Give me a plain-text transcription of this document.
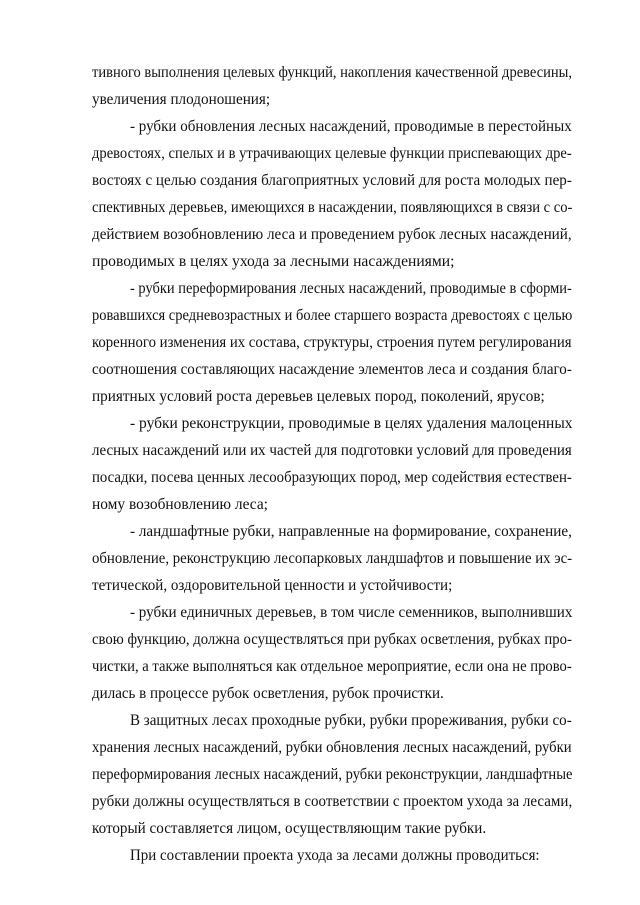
тивного выполнения целевых функций, накопления качественной древесины,
увеличения плодоношения;
- рубки обновления лесных насаждений, проводимые в перестойных
древостоях, спелых и в утрачивающих целевые функции приспевающих дре-
востоях с целью создания благоприятных условий для роста молодых пер-
спективных деревьев, имеющихся в насаждении, появляющихся в связи с со-
действием возобновлению леса и проведением рубок лесных насаждений,
проводимых в целях ухода за лесными насаждениями;
- рубки переформирования лесных насаждений, проводимые в сформи-
ровавшихся средневозрастных и более старшего возраста древостоях с целью
коренного изменения их состава, структуры, строения путем регулирования
соотношения составляющих насаждение элементов леса и создания благо-
приятных условий роста деревьев целевых пород, поколений, ярусов;
- рубки реконструкции, проводимые в целях удаления малоценных
лесных насаждений или их частей для подготовки условий для проведения
посадки, посева ценных лесообразующих пород, мер содействия естествен-
ному возобновлению леса;
- ландшафтные рубки, направленные на формирование, сохранение,
обновление, реконструкцию лесопарковых ландшафтов и повышение их эс-
тетической, оздоровительной ценности и устойчивости;
- рубки единичных деревьев, в том числе семенников, выполнивших
свою функцию, должна осуществляться при рубках осветления, рубках про-
чистки, а также выполняться как отдельное мероприятие, если она не прово-
дилась в процессе рубок осветления, рубок прочистки.
В защитных лесах проходные рубки, рубки прореживания, рубки со-
хранения лесных насаждений, рубки обновления лесных насаждений, рубки
переформирования лесных насаждений, рубки реконструкции, ландшафтные
рубки должны осуществляться в соответствии с проектом ухода за лесами,
который составляется лицом, осуществляющим такие рубки.
При составлении проекта ухода за лесами должны проводиться:
